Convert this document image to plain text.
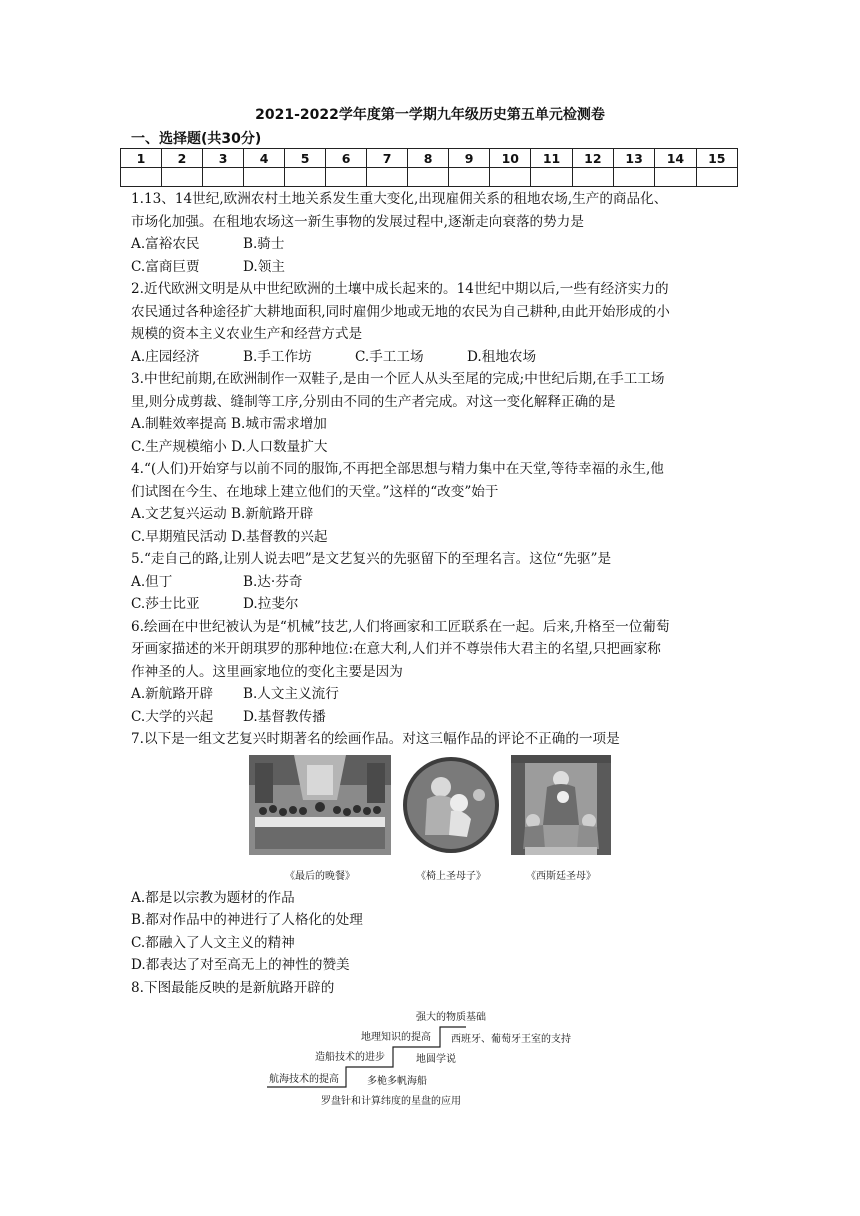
2021-2022学年度第一学期九年级历史第五单元检测卷
一、选择题(共30分)
1	2	3	4	5	6	7	8	9	10	11	12	13	14	15

1.13、14世纪,欧洲农村土地关系发生重大变化,出现雇佣关系的租地农场,生产的商品化、

市场化加强。在租地农场这一新生事物的发展过程中,逐渐走向衰落的势力是

A.富裕农民	B.骑士

C.富商巨贾	D.领主

2.近代欧洲文明是从中世纪欧洲的土壤中成长起来的。14世纪中期以后,一些有经济实力的

农民通过各种途径扩大耕地面积,同时雇佣少地或无地的农民为自己耕种,由此开始形成的小

规模的资本主义农业生产和经营方式是

A.庄园经济	B.手工作坊	C.手工工场	D.租地农场

3.中世纪前期,在欧洲制作一双鞋子,是由一个匠人从头至尾的完成;中世纪后期,在手工工场

里,则分成剪裁、缝制等工序,分别由不同的生产者完成。对这一变化解释正确的是

A.制鞋效率提高 B.城市需求增加

C.生产规模缩小 D.人口数量扩大

4.“(人们)开始穿与以前不同的服饰,不再把全部思想与精力集中在天堂,等待幸福的永生,他

们试图在今生、在地球上建立他们的天堂。”这样的“改变”始于

A.文艺复兴运动 B.新航路开辟

C.早期殖民活动 D.基督教的兴起

5.“走自己的路,让别人说去吧”是文艺复兴的先驱留下的至理名言。这位“先驱”是

A.但丁	B.达·芬奇

C.莎士比亚	D.拉斐尔

6.绘画在中世纪被认为是“机械”技艺,人们将画家和工匠联系在一起。后来,升格至一位葡萄

牙画家描述的米开朗琪罗的那种地位:在意大利,人们并不尊崇伟大君主的名望,只把画家称

作神圣的人。这里画家地位的变化主要是因为

A.新航路开辟 B.人文主义流行

C.大学的兴起 D.基督教传播

7.以下是一组文艺复兴时期著名的绘画作品。对这三幅作品的评论不正确的一项是

《最后的晚餐》	《椅上圣母子》	《西斯廷圣母》

A.都是以宗教为题材的作品

B.都对作品中的神进行了人格化的处理

C.都融入了人文主义的精神

D.都表达了对至高无上的神性的赞美

8.下图最能反映的是新航路开辟的

强大的物质基础
地理知识的提高 西班牙、葡萄牙王室的支持
造船技术的进步	地圆学说
航海技术的提高	多桅多帆海船
罗盘针和计算纬度的星盘的应用
